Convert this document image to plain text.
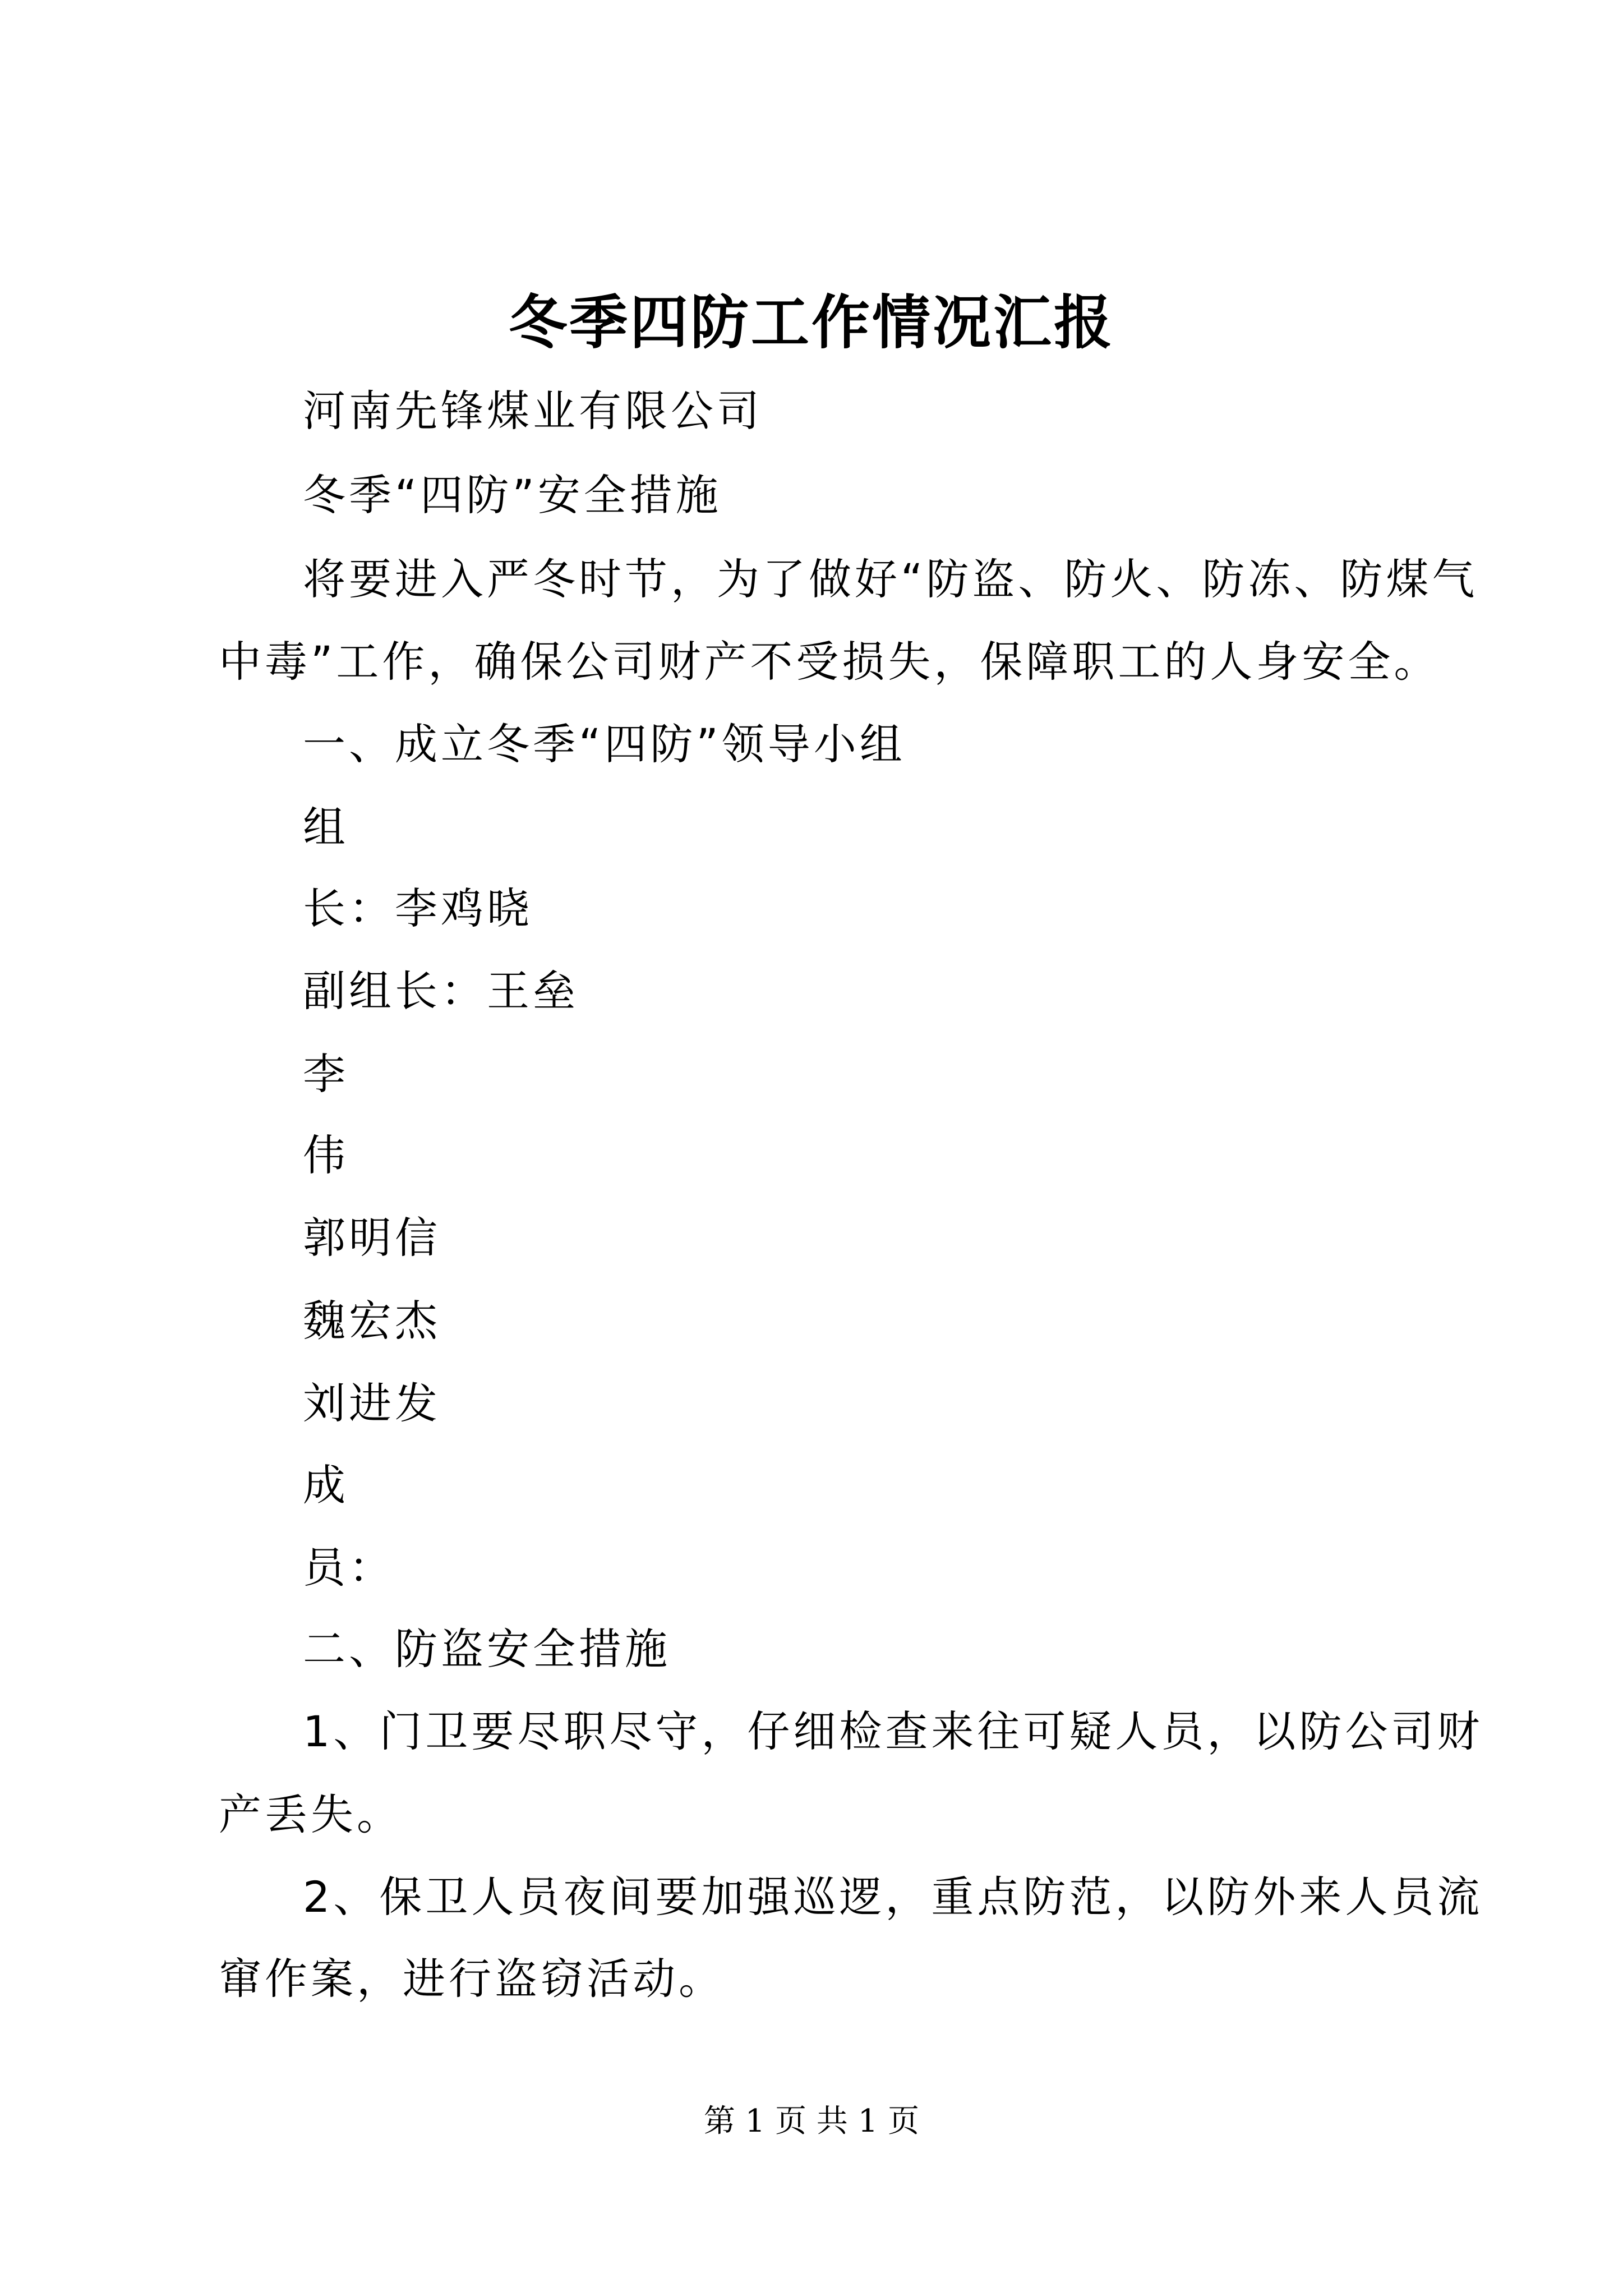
冬季四防工作情况汇报
河南先锋煤业有限公司
冬季“四防”安全措施
将要进入严冬时节，为了做好“防盗、防火、防冻、防煤气
中毒”工作，确保公司财产不受损失，保障职工的人身安全。
一、成立冬季“四防”领导小组
组
长：李鸡晓
副组长：王垒
李
伟
郭明信
魏宏杰
刘进发
成
员：
二、防盗安全措施
1、门卫要尽职尽守，仔细检查来往可疑人员，以防公司财
产丢失。
2、保卫人员夜间要加强巡逻，重点防范，以防外来人员流
窜作案，进行盗窃活动。
第 1 页 共 1 页
